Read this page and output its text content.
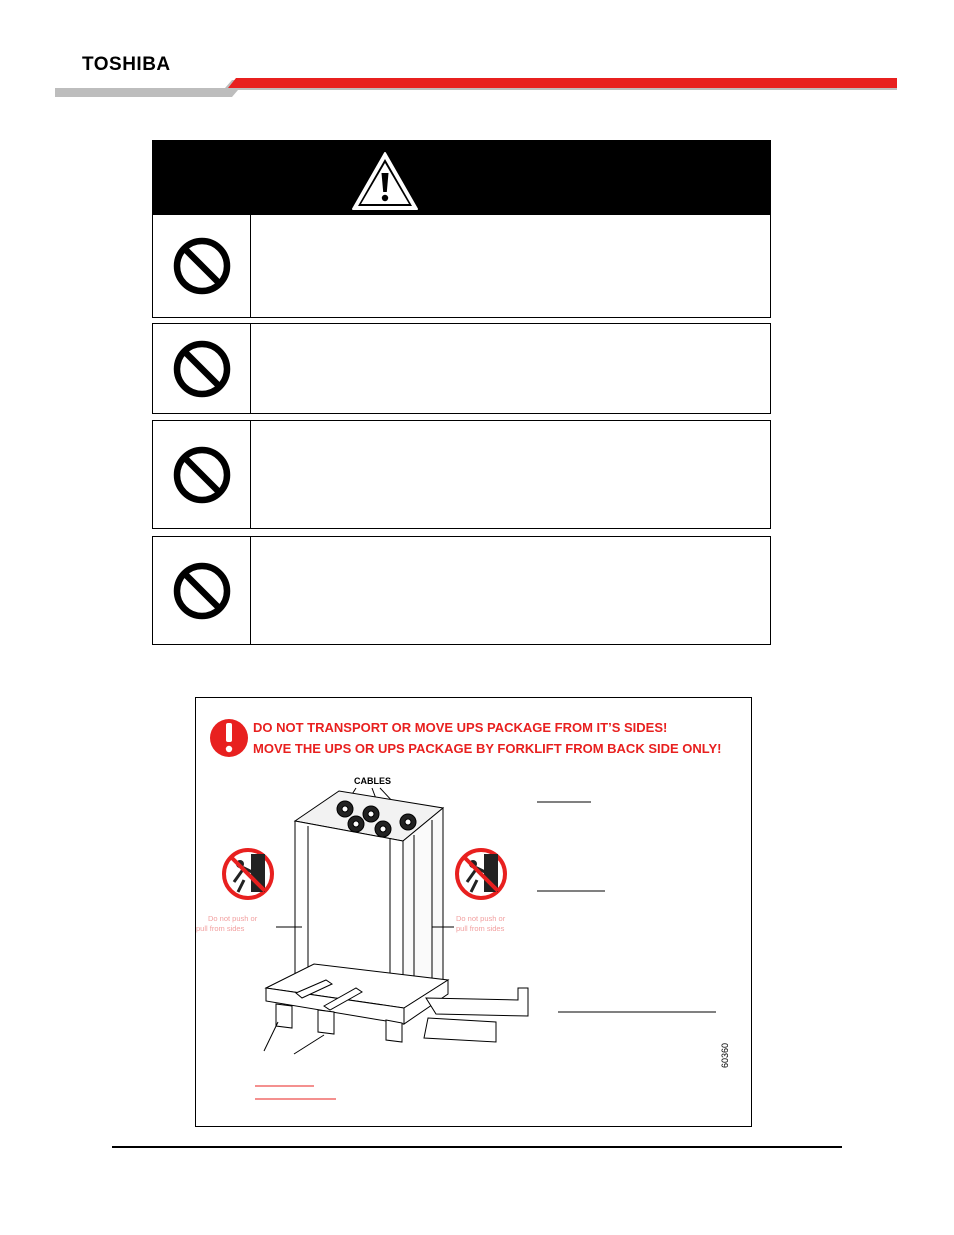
TOSHIBA
DO NOT TRANSPORT OR MOVE UPS PACKAGE FROM IT’S SIDES!
MOVE THE UPS OR UPS PACKAGE BY FORKLIFT FROM BACK SIDE ONLY!
CABLES
Do not push or
pull from sides
Do not push or
pull from sides
60360
